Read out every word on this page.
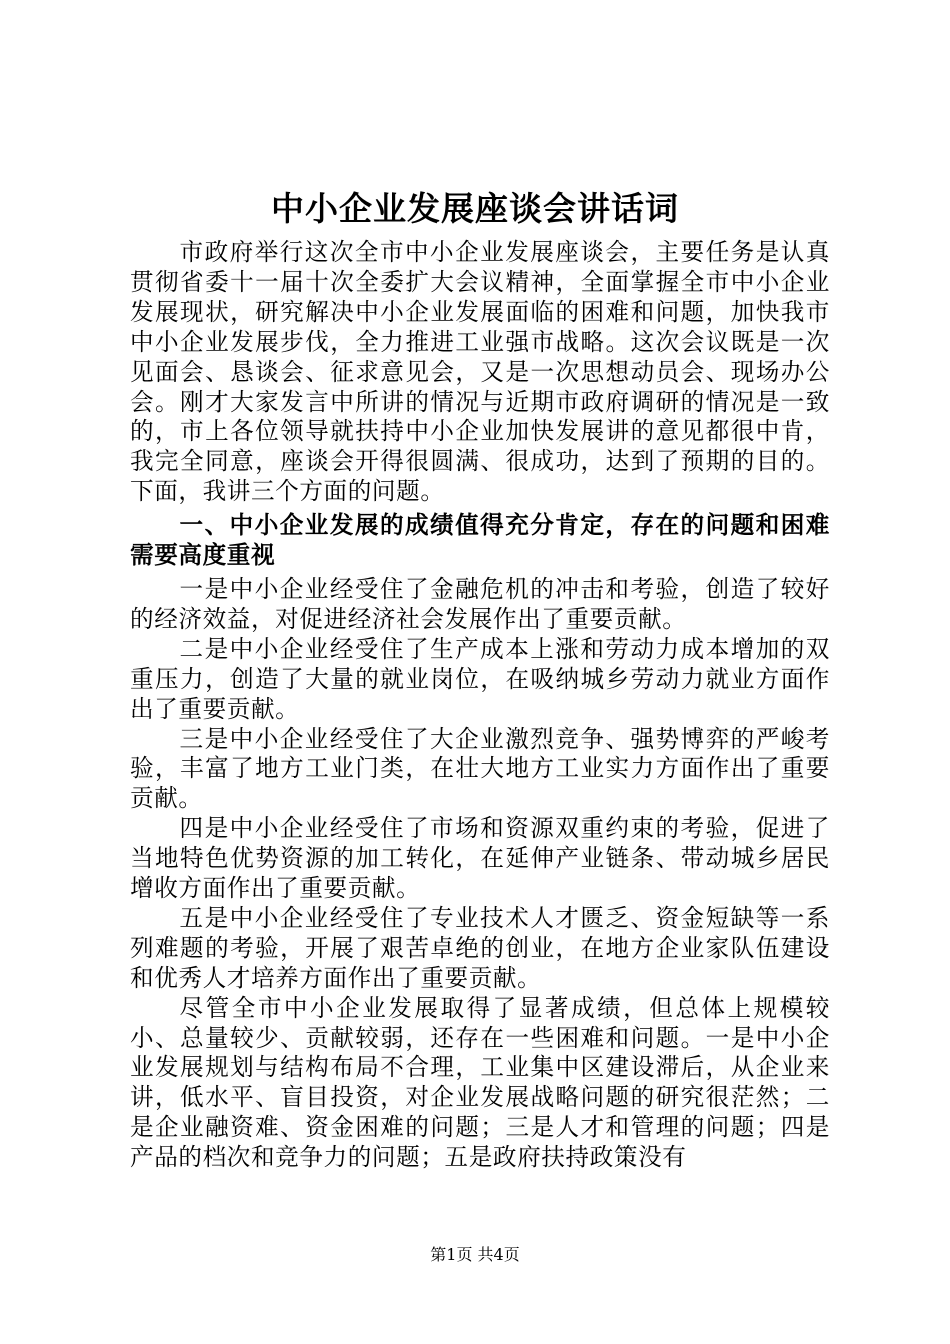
中小企业发展座谈会讲话词

市政府举行这次全市中小企业发展座谈会，主要任务是认真贯彻省委十一届十次全委扩大会议精神，全面掌握全市中小企业发展现状，研究解决中小企业发展面临的困难和问题，加快我市中小企业发展步伐，全力推进工业强市战略。这次会议既是一次见面会、恳谈会、征求意见会，又是一次思想动员会、现场办公会。刚才大家发言中所讲的情况与近期市政府调研的情况是一致的，市上各位领导就扶持中小企业加快发展讲的意见都很中肯，我完全同意，座谈会开得很圆满、很成功，达到了预期的目的。下面，我讲三个方面的问题。

一、中小企业发展的成绩值得充分肯定，存在的问题和困难需要高度重视

一是中小企业经受住了金融危机的冲击和考验，创造了较好的经济效益，对促进经济社会发展作出了重要贡献。

二是中小企业经受住了生产成本上涨和劳动力成本增加的双重压力，创造了大量的就业岗位，在吸纳城乡劳动力就业方面作出了重要贡献。

三是中小企业经受住了大企业激烈竞争、强势博弈的严峻考验，丰富了地方工业门类，在壮大地方工业实力方面作出了重要贡献。

四是中小企业经受住了市场和资源双重约束的考验，促进了当地特色优势资源的加工转化，在延伸产业链条、带动城乡居民增收方面作出了重要贡献。

五是中小企业经受住了专业技术人才匮乏、资金短缺等一系列难题的考验，开展了艰苦卓绝的创业，在地方企业家队伍建设和优秀人才培养方面作出了重要贡献。

尽管全市中小企业发展取得了显著成绩，但总体上规模较小、总量较少、贡献较弱，还存在一些困难和问题。一是中小企业发展规划与结构布局不合理，工业集中区建设滞后，从企业来讲，低水平、盲目投资，对企业发展战略问题的研究很茫然；二是企业融资难、资金困难的问题；三是人才和管理的问题；四是产品的档次和竞争力的问题；五是政府扶持政策没有

第1页 共4页
